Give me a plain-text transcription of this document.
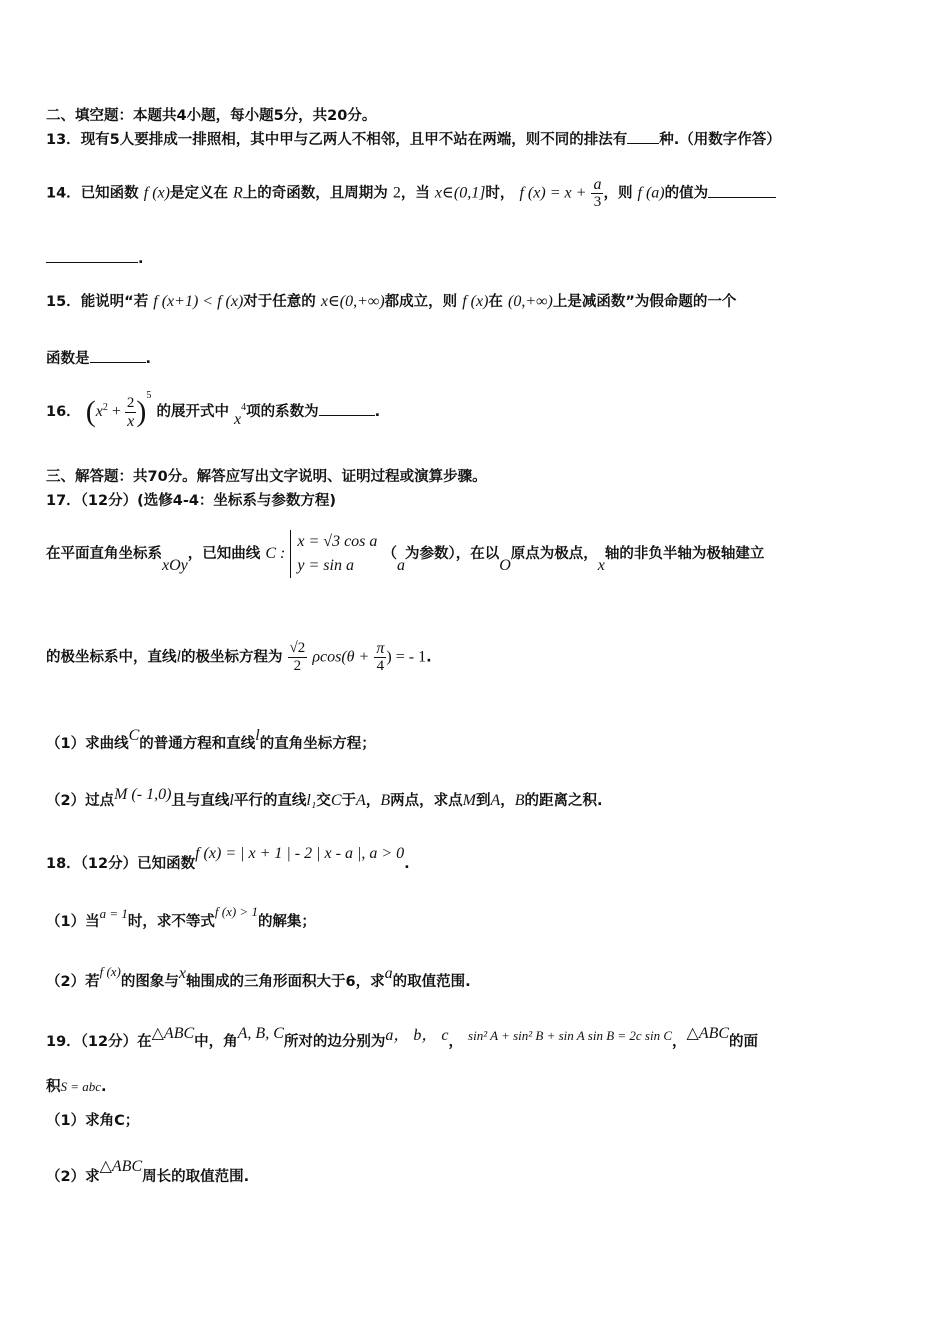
二、填空题：本题共4小题，每小题5分，共20分。
13．现有5人要排成一排照相，其中甲与乙两人不相邻，且甲不站在两端，则不同的排法有 种.（用数字作答）
14．已知函数 f (x)是定义在 R上的奇函数，且周期为 2，当 x∈(0,1]时， f $(x) = x + \frac{a}{3}$ ，则 f (a)的值为
.
15．能说明“若 f (x+1) < f (x)对于任意的 x∈(0,+∞)都成立，则 f (x)在 (0,+∞)上是减函数”为假命题的一个
函数是	.
16． $(x^2 + \frac{2}{x} )^5$ 的展开式中 $x^4$项的系数为	.
三、解答题：共70分。解答应写出文字说明、证明过程或演算步骤。
17．（12分）(选修4-4：坐标系与参数方程)
在平面直角坐标系xOy，已知曲线 C :
x = √3 cos a
y = sin a
（a为参数），在以O原点为极点，x轴的非负半轴为极轴建立
的极坐标系中，直线l的极坐标方程为 $\frac{√2}{2} \rho\cos(\theta + \frac{\pi}{4}$ ) = - 1.
（1）求曲线C的普通方程和直线l的直角坐标方程；
（2）过点M (- 1,0)且与直线l平行的直线l₁交C于A，B两点，求点M到A，B的距离之积.
18．（12分）已知函数f (x) = | x + 1 | - 2 | x - a |, a > 0.
（1）当a = 1时，求不等式f (x) > 1的解集；
（2）若f (x)的图象与x轴围成的三角形面积大于6，求a的取值范围.
19．（12分）在△ABC中，角A, B, C所对的边分别为a， b， c， sin² A + sin² B + sin A sin B = 2c sin C，△ABC的面
积S = abc.
（1）求角C；
（2）求△ABC周长的取值范围.
